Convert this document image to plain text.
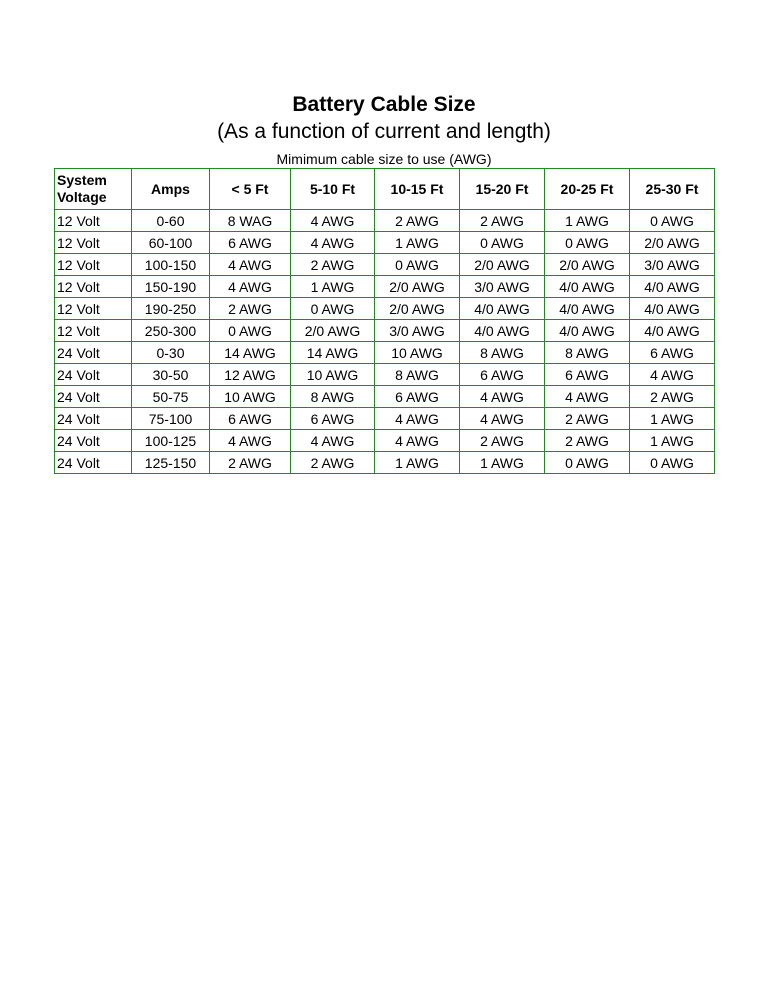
Battery Cable Size
(As a function of current and length)
Mimimum cable size to use (AWG)
System Voltage	Amps	< 5 Ft	5-10 Ft	10-15 Ft	15-20 Ft	20-25 Ft	25-30 Ft
12 Volt	0-60	8 WAG	4 AWG	2 AWG	2 AWG	1 AWG	0 AWG
12 Volt	60-100	6 AWG	4 AWG	1 AWG	0 AWG	0 AWG	2/0 AWG
12 Volt	100-150	4 AWG	2 AWG	0 AWG	2/0 AWG	2/0 AWG	3/0 AWG
12 Volt	150-190	4 AWG	1 AWG	2/0 AWG	3/0 AWG	4/0 AWG	4/0 AWG
12 Volt	190-250	2 AWG	0 AWG	2/0 AWG	4/0 AWG	4/0 AWG	4/0 AWG
12 Volt	250-300	0 AWG	2/0 AWG	3/0 AWG	4/0 AWG	4/0 AWG	4/0 AWG
24 Volt	0-30	14 AWG	14 AWG	10 AWG	8 AWG	8 AWG	6 AWG
24 Volt	30-50	12 AWG	10 AWG	8 AWG	6 AWG	6 AWG	4 AWG
24 Volt	50-75	10 AWG	8 AWG	6 AWG	4 AWG	4 AWG	2 AWG
24 Volt	75-100	6 AWG	6 AWG	4 AWG	4 AWG	2 AWG	1 AWG
24 Volt	100-125	4 AWG	4 AWG	4 AWG	2 AWG	2 AWG	1 AWG
24 Volt	125-150	2 AWG	2 AWG	1 AWG	1 AWG	0 AWG	0 AWG
